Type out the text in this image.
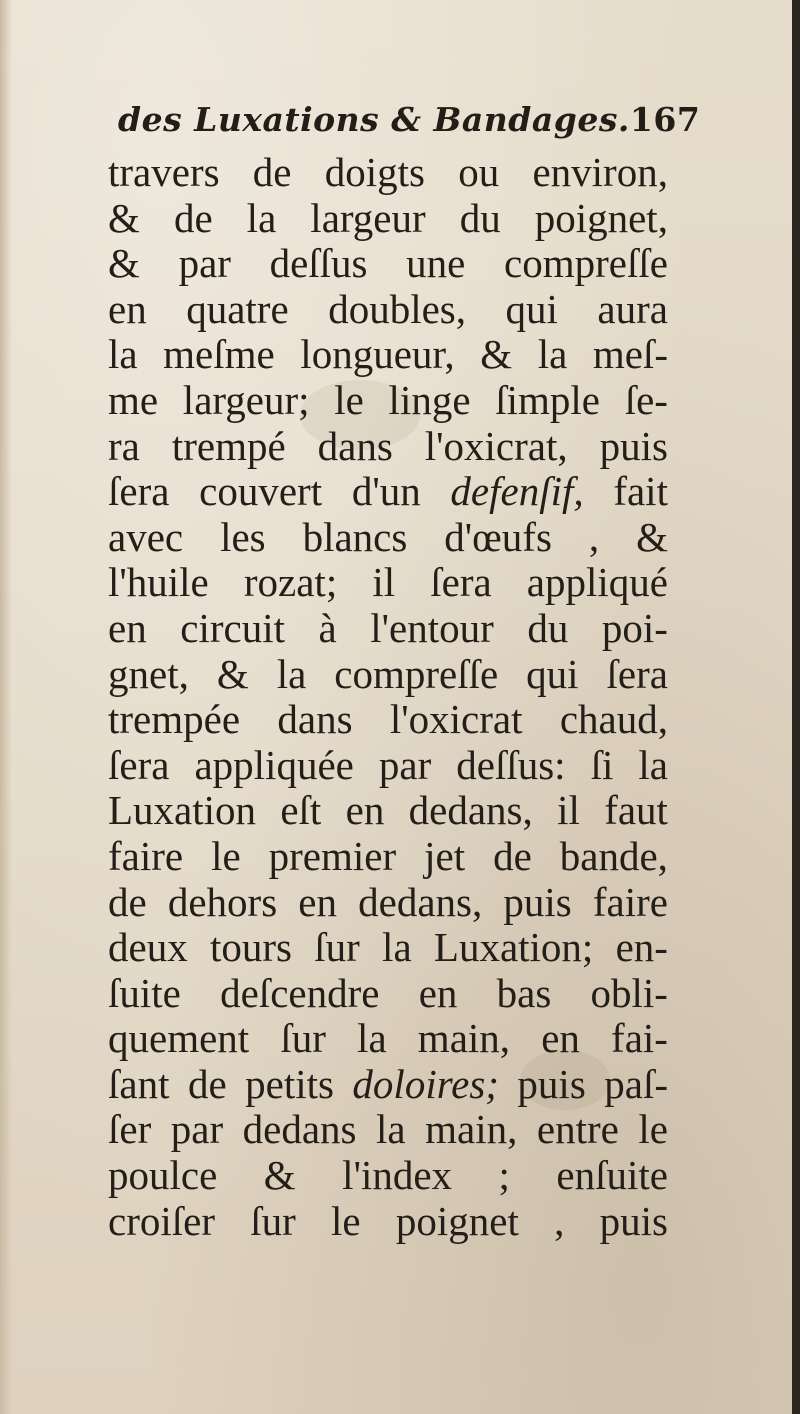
des Luxations & Bandages.167
travers de doigts ou environ,
& de la largeur du poignet,
& par deſſus une compreſſe
en quatre doubles, qui aura
la meſme longueur, & la meſ-
me largeur; le linge ſimple ſe-
ra trempé dans l'oxicrat, puis
ſera couvert d'un defenſif, fait
avec les blancs d'œufs , &
l'huile rozat; il ſera appliqué
en circuit à l'entour du poi-
gnet, & la compreſſe qui ſera
trempée dans l'oxicrat chaud,
ſera appliquée par deſſus: ſi la
Luxation eſt en dedans, il faut
faire le premier jet de bande,
de dehors en dedans, puis faire
deux tours ſur la Luxation; en-
ſuite deſcendre en bas obli-
quement ſur la main, en fai-
ſant de petits doloires; puis paſ-
ſer par dedans la main, entre le
poulce & l'index ; enſuite
croiſer ſur le poignet , puis
